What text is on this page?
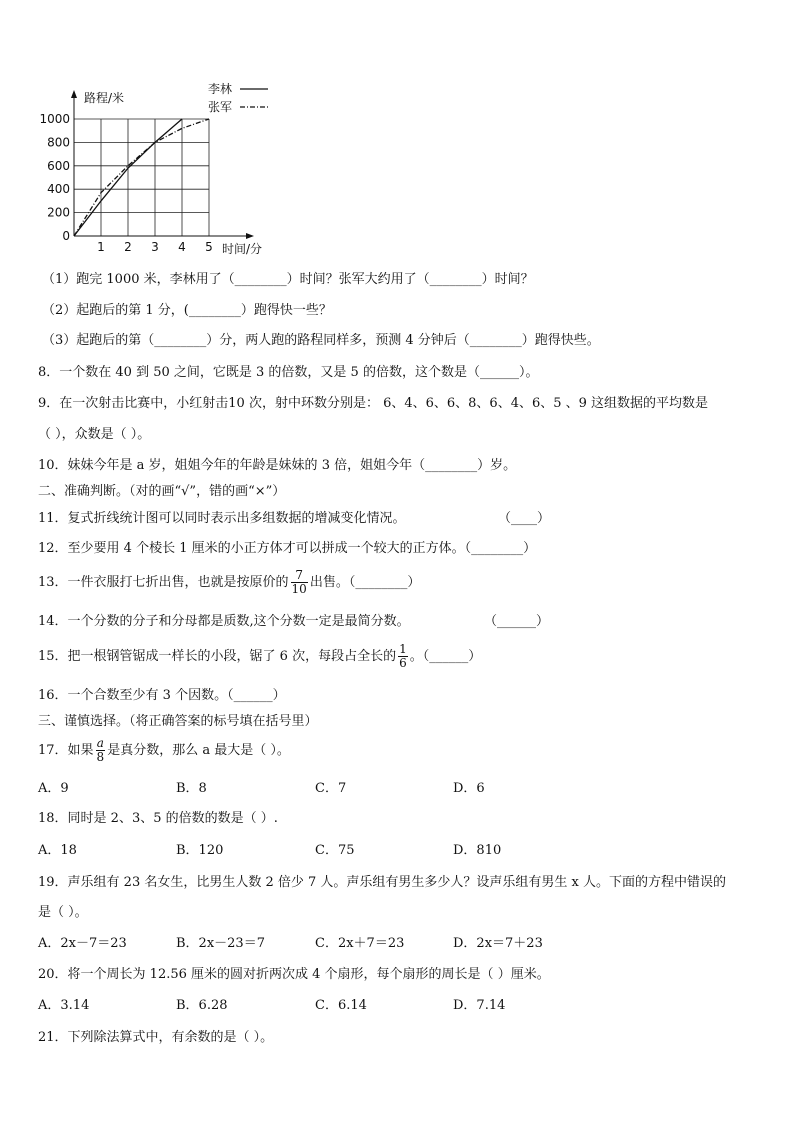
200
400
600
800
1000
0
1 2 3 4 5
路程/米
时间/分
李林
张军
（1）跑完 1000 米，李林用了（________）时间？张军大约用了（________）时间？
（2）起跑后的第 1 分，(________）跑得快一些？
（3）起跑后的第（________）分，两人跑的路程同样多，预测 4 分钟后（________）跑得快些。
8．一个数在 40 到 50 之间，它既是 3 的倍数，又是 5 的倍数，这个数是（______）。
9．在一次射击比赛中，小红射击10 次，射中环数分别是： 6、4、6、6、8、6、4、6、5 、9 这组数据的平均数是
（ ），众数是（ ）。
10．妹妹今年是 a 岁，姐姐今年的年龄是妹妹的 3 倍，姐姐今年（________）岁。
二、准确判断。（对的画“√”，错的画“×”）
11．复式折线统计图可以同时表示出多组数据的增减变化情况。	（____）
12．至少要用 4 个棱长 1 厘米的小正方体才可以拼成一个较大的正方体。（________）
13．一件衣服打七折出售，也就是按原价的 $\frac{7}{10}$ 出售。（________）
14．一个分数的分子和分母都是质数,这个分数一定是最简分数。	（______）
15．把一根钢管锯成一样长的小段，锯了 6 次，每段占全长的 $\frac{1}{6}$ 。（______）
16．一个合数至少有 3 个因数。（______）
三、谨慎选择。（将正确答案的标号填在括号里）
17．如果 $\frac{a}{8}$ 是真分数，那么 a 最大是（ ）。
A．9	B．8	C．7	D．6
18．同时是 2、3、5 的倍数的数是（ ）.
A．18	B．120	C．75	D．810
19．声乐组有 23 名女生，比男生人数 2 倍少 7 人。声乐组有男生多少人？设声乐组有男生 x 人。下面的方程中错误的
是（ ）。
A．2x－7＝23	B．2x－23＝7	C．2x＋7＝23	D．2x＝7＋23
20．将一个周长为 12.56 厘米的圆对折两次成 4 个扇形，每个扇形的周长是（ ）厘米。
A．3.14	B．6.28	C．6.14	D．7.14
21．下列除法算式中，有余数的是（ ）。
